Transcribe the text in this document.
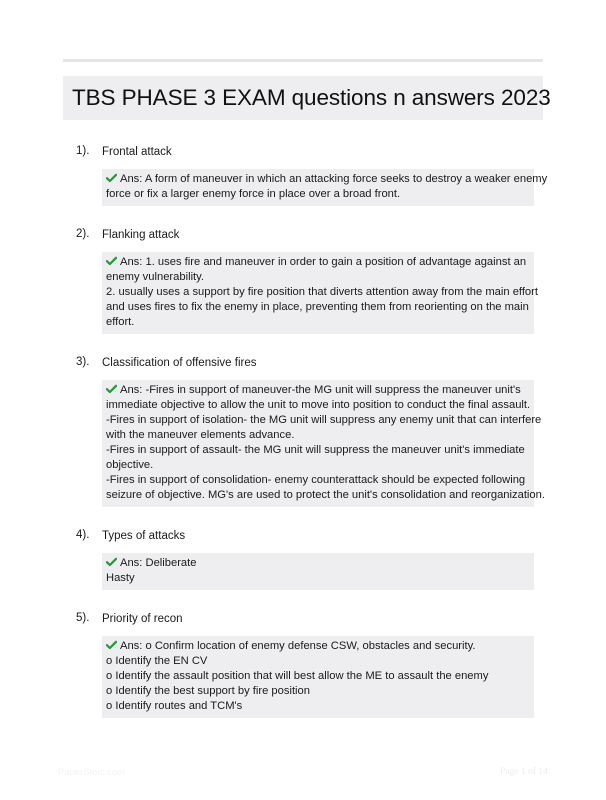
TBS PHASE 3 EXAM questions n answers 2023
1). Frontal attack
Ans: A form of maneuver in which an attacking force seeks to destroy a weaker enemy
force or fix a larger enemy force in place over a broad front.
2). Flanking attack
Ans: 1. uses fire and maneuver in order to gain a position of advantage against an
enemy vulnerability.
2. usually uses a support by fire position that diverts attention away from the main effort
and uses fires to fix the enemy in place, preventing them from reorienting on the main
effort.
3). Classification of offensive fires
Ans: -Fires in support of maneuver-the MG unit will suppress the maneuver unit's
immediate objective to allow the unit to move into position to conduct the final assault.
-Fires in support of isolation- the MG unit will suppress any enemy unit that can interfere
with the maneuver elements advance.
-Fires in support of assault- the MG unit will suppress the maneuver unit's immediate
objective.
-Fires in support of consolidation- enemy counterattack should be expected following
seizure of objective. MG's are used to protect the unit's consolidation and reorganization.
4). Types of attacks
Ans: Deliberate
Hasty
5). Priority of recon
Ans: o Confirm location of enemy defense CSW, obstacles and security.
o Identify the EN CV
o Identify the assault position that will best allow the ME to assault the enemy
o Identify the best support by fire position
o Identify routes and TCM's
PaperStoic.com	Page 1 of 14
